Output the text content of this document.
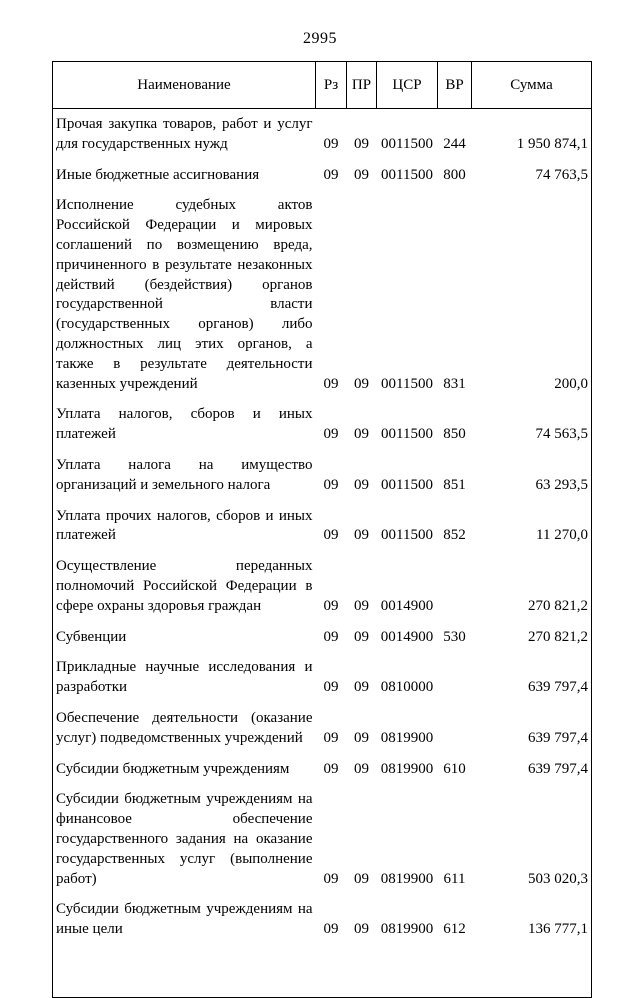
2995
Наименование	Рз	ПР	ЦСР	ВР	Сумма
Прочая закупка товаров, работ и услуг для государственных нужд	09	09	0011500	244	1 950 874,1
Иные бюджетные ассигнования	09	09	0011500	800	74 763,5
Исполнение судебных актов Российской Федерации и мировых соглашений по возмещению вреда, причиненного в результате незаконных действий (бездействия) органов государственной власти (государственных органов) либо должностных лиц этих органов, а также в результате деятельности казенных учреждений	09	09	0011500	831	200,0
Уплата налогов, сборов и иных платежей	09	09	0011500	850	74 563,5
Уплата налога на имущество организаций и земельного налога	09	09	0011500	851	63 293,5
Уплата прочих налогов, сборов и иных платежей	09	09	0011500	852	11 270,0
Осуществление переданных полномочий Российской Федерации в сфере охраны здоровья граждан	09	09	0014900		270 821,2
Субвенции	09	09	0014900	530	270 821,2
Прикладные научные исследования и разработки	09	09	0810000		639 797,4
Обеспечение деятельности (оказание услуг) подведомственных учреждений	09	09	0819900		639 797,4
Субсидии бюджетным учреждениям	09	09	0819900	610	639 797,4
Субсидии бюджетным учреждениям на финансовое обеспечение государственного задания на оказание государственных услуг (выполнение работ)	09	09	0819900	611	503 020,3
Субсидии бюджетным учреждениям на иные цели	09	09	0819900	612	136 777,1
